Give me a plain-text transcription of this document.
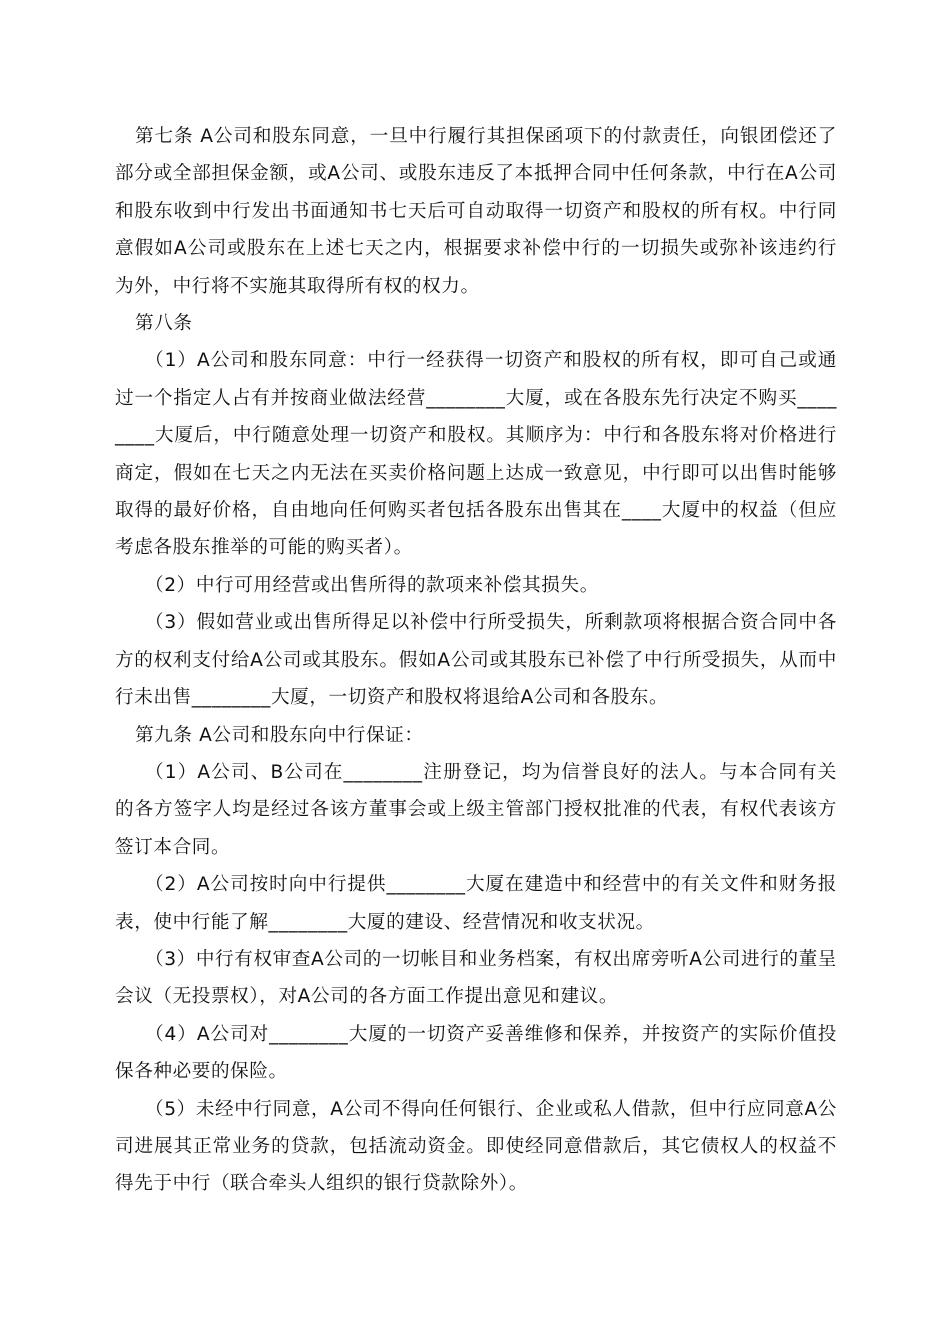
第七条 A公司和股东同意，一旦中行履行其担保函项下的付款责任，向银团偿还了部分或全部担保金额，或A公司、或股东违反了本抵押合同中任何条款，中行在A公司和股东收到中行发出书面通知书七天后可自动取得一切资产和股权的所有权。中行同意假如A公司或股东在上述七天之内，根据要求补偿中行的一切损失或弥补该违约行为外，中行将不实施其取得所有权的权力。

第八条

（1）A公司和股东同意：中行一经获得一切资产和股权的所有权，即可自己或通过一个指定人占有并按商业做法经营________大厦，或在各股东先行决定不购买________大厦后，中行随意处理一切资产和股权。其顺序为：中行和各股东将对价格进行商定，假如在七天之内无法在买卖价格问题上达成一致意见，中行即可以出售时能够取得的最好价格，自由地向任何购买者包括各股东出售其在____大厦中的权益（但应考虑各股东推举的可能的购买者）。

（2）中行可用经营或出售所得的款项来补偿其损失。

（3）假如营业或出售所得足以补偿中行所受损失，所剩款项将根据合资合同中各方的权利支付给A公司或其股东。假如A公司或其股东已补偿了中行所受损失，从而中行未出售________大厦，一切资产和股权将退给A公司和各股东。

第九条 A公司和股东向中行保证：

（1）A公司、B公司在________注册登记，均为信誉良好的法人。与本合同有关的各方签字人均是经过各该方董事会或上级主管部门授权批准的代表，有权代表该方签订本合同。

（2）A公司按时向中行提供________大厦在建造中和经营中的有关文件和财务报表，使中行能了解________大厦的建设、经营情况和收支状况。

（3）中行有权审查A公司的一切帐目和业务档案，有权出席旁听A公司进行的董呈会议（无投票权），对A公司的各方面工作提出意见和建议。

（4）A公司对________大厦的一切资产妥善维修和保养，并按资产的实际价值投保各种必要的保险。

（5）未经中行同意，A公司不得向任何银行、企业或私人借款，但中行应同意A公司进展其正常业务的贷款，包括流动资金。即使经同意借款后，其它债权人的权益不得先于中行（联合牵头人组织的银行贷款除外）。
